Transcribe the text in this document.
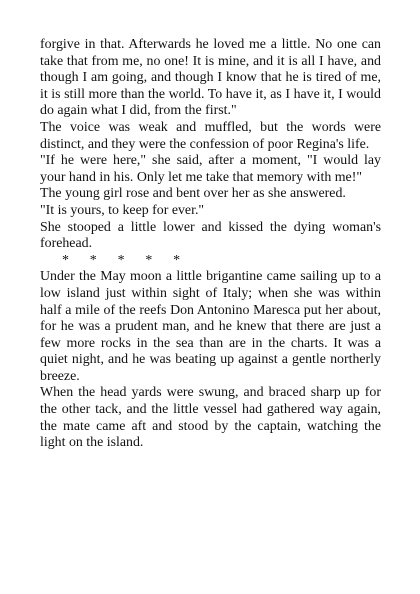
forgive in that. Afterwards he loved me a little. No one can take that from me, no one! It is mine, and it is all I have, and though I am going, and though I know that he is tired of me, it is still more than the world. To have it, as I have it, I would do again what I did, from the first."

The voice was weak and muffled, but the words were distinct, and they were the confession of poor Regina's life.

"If he were here," she said, after a moment, "I would lay your hand in his. Only let me take that memory with me!"

The young girl rose and bent over her as she answered.

"It is yours, to keep for ever."

She stooped a little lower and kissed the dying woman's forehead.

*      *      *      *      *

Under the May moon a little brigantine came sailing up to a low island just within sight of Italy; when she was within half a mile of the reefs Don Antonino Maresca put her about, for he was a prudent man, and he knew that there are just a few more rocks in the sea than are in the charts. It was a quiet night, and he was beating up against a gentle northerly breeze.

When the head yards were swung, and braced sharp up for the other tack, and the little vessel had gathered way again, the mate came aft and stood by the captain, watching the light on the island.
